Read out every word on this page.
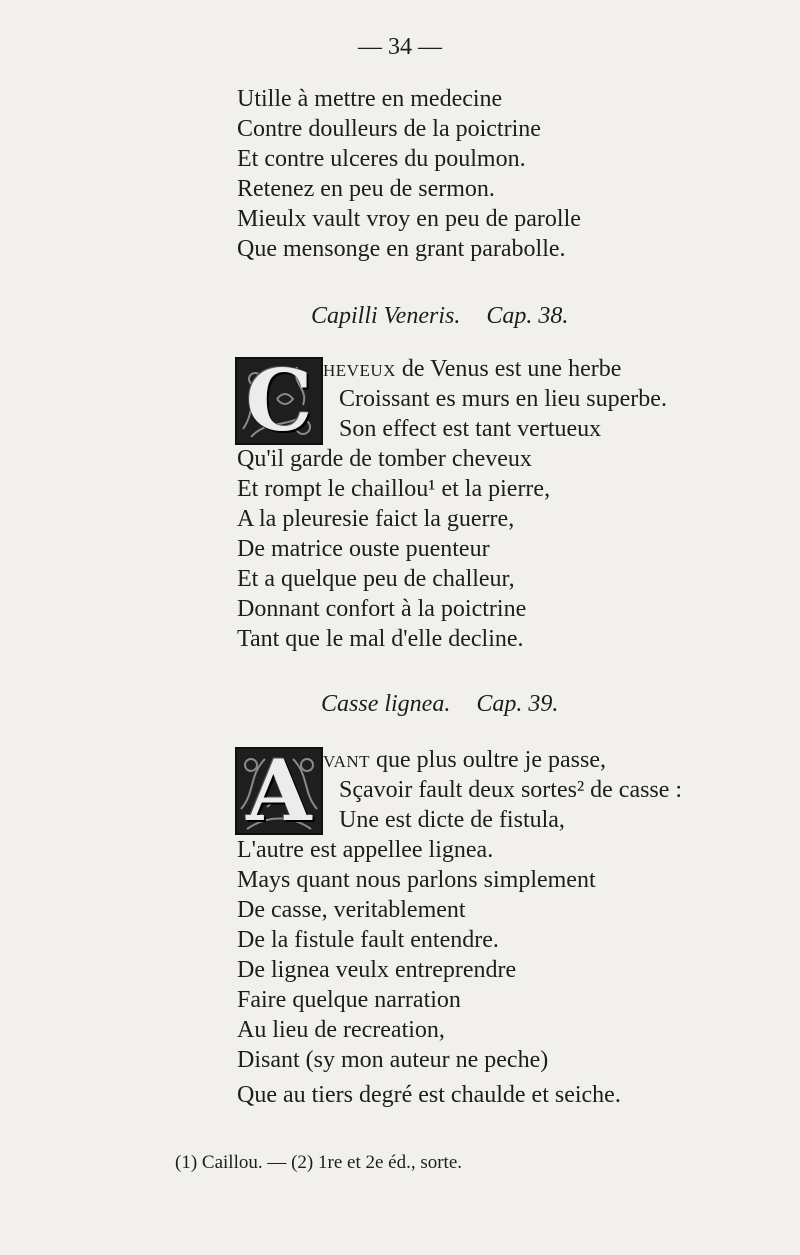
— 34 —
Utille à mettre en medecine
Contre doulleurs de la poictrine
Et contre ulceres du poulmon.
Retenez en peu de sermon.
Mieulx vault vroy en peu de parolle
Que mensonge en grant parabolle.
Capilli Veneris. Cap. 38.
C heveux de Venus est une herbe
Croissant es murs en lieu superbe.
Son effect est tant vertueux
Qu'il garde de tomber cheveux
Et rompt le chaillou¹ et la pierre,
A la pleuresie faict la guerre,
De matrice ouste puenteur
Et a quelque peu de challeur,
Donnant confort à la poictrine
Tant que le mal d'elle decline.
Casse lignea. Cap. 39.
A vant que plus oultre je passe,
Sçavoir fault deux sortes² de casse :
Une est dicte de fistula,
L'autre est appellee lignea.
Mays quant nous parlons simplement
De casse, veritablement
De la fistule fault entendre.
De lignea veulx entreprendre
Faire quelque narration
Au lieu de recreation,
Disant (sy mon auteur ne peche)
Que au tiers degré est chaulde et seiche.
(1) Caillou. — (2) 1re et 2e éd., sorte.
